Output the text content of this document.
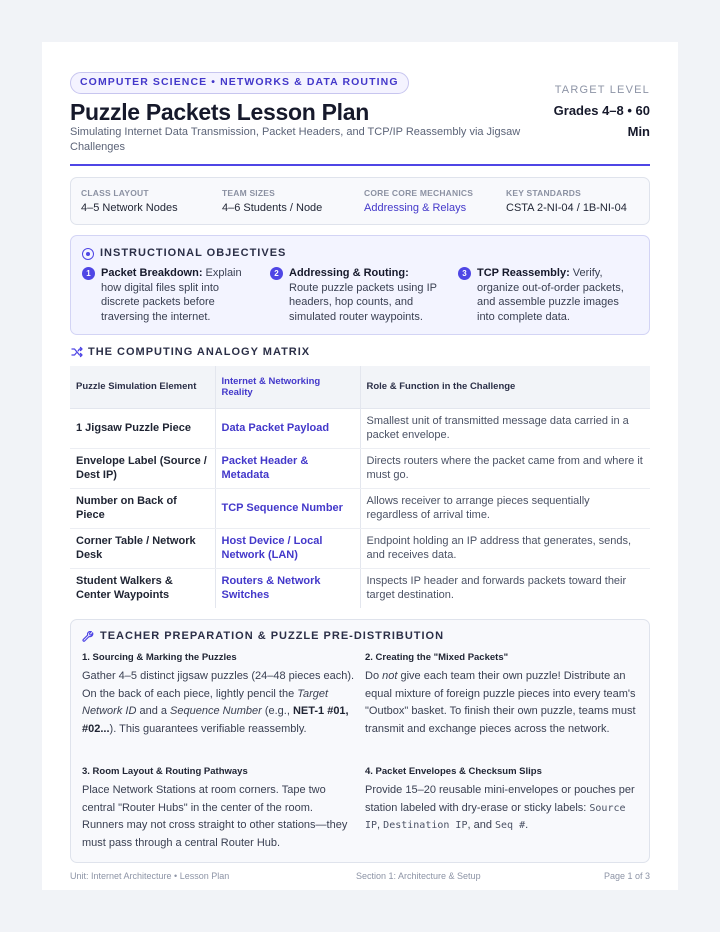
COMPUTER SCIENCE • NETWORKS & DATA ROUTING
Puzzle Packets Lesson Plan
Simulating Internet Data Transmission, Packet Headers, and TCP/IP Reassembly via Jigsaw Challenges
TARGET LEVEL
Grades 4–8 • 60 Min
CLASS LAYOUT
4–5 Network Nodes
TEAM SIZES
4–6 Students / Node
CORE CORE MECHANICS
Addressing & Relays
KEY STANDARDS
CSTA 2-NI-04 / 1B-NI-04
INSTRUCTIONAL OBJECTIVES
1 Packet Breakdown: Explain how digital files split into discrete packets before traversing the internet.
2 Addressing & Routing: Route puzzle packets using IP headers, hop counts, and simulated router waypoints.
3 TCP Reassembly: Verify, organize out-of-order packets, and assemble puzzle images into complete data.
THE COMPUTING ANALOGY MATRIX
Puzzle Simulation Element	Internet & Networking Reality	Role & Function in the Challenge
1 Jigsaw Puzzle Piece	Data Packet Payload	Smallest unit of transmitted message data carried in a packet envelope.
Envelope Label (Source / Dest IP)	Packet Header & Metadata	Directs routers where the packet came from and where it must go.
Number on Back of Piece	TCP Sequence Number	Allows receiver to arrange pieces sequentially regardless of arrival time.
Corner Table / Network Desk	Host Device / Local Network (LAN)	Endpoint holding an IP address that generates, sends, and receives data.
Student Walkers & Center Waypoints	Routers & Network Switches	Inspects IP header and forwards packets toward their target destination.
TEACHER PREPARATION & PUZZLE PRE-DISTRIBUTION
1. Sourcing & Marking the Puzzles
Gather 4–5 distinct jigsaw puzzles (24–48 pieces each). On the back of each piece, lightly pencil the Target Network ID and a Sequence Number (e.g., NET-1 #01, #02...). This guarantees verifiable reassembly.
2. Creating the "Mixed Packets"
Do not give each team their own puzzle! Distribute an equal mixture of foreign puzzle pieces into every team's "Outbox" basket. To finish their own puzzle, teams must transmit and exchange pieces across the network.
3. Room Layout & Routing Pathways
Place Network Stations at room corners. Tape two central "Router Hubs" in the center of the room. Runners may not cross straight to other stations—they must pass through a central Router Hub.
4. Packet Envelopes & Checksum Slips
Provide 15–20 reusable mini-envelopes or pouches per station labeled with dry-erase or sticky labels: Source IP, Destination IP, and Seq #.
Unit: Internet Architecture • Lesson Plan	Section 1: Architecture & Setup	Page 1 of 3
